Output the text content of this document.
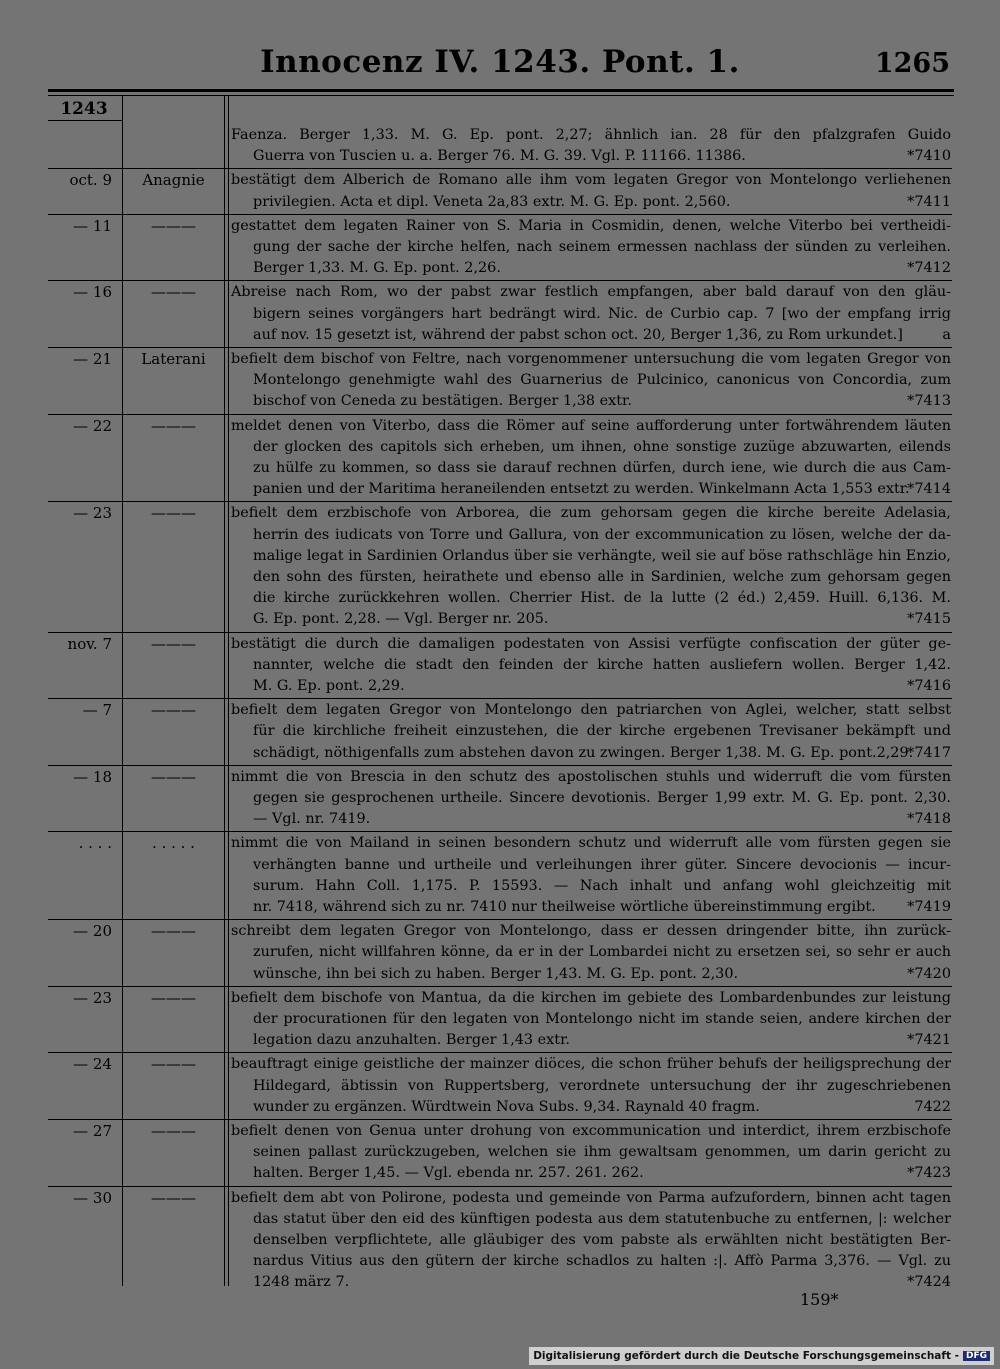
Innocenz IV. 1243. Pont. 1.	1265
1243
Faenza. Berger 1,33. M. G. Ep. pont. 2,27; ähnlich ian. 28 für den pfalzgrafen Guido
Guerra von Tuscien u. a. Berger 76. M. G. 39. Vgl. P. 11166. 11386.	*7410
oct. 9	Anagnie	bestätigt dem Alberich de Romano alle ihm vom legaten Gregor von Montelongo verliehenen
privilegien. Acta et dipl. Veneta 2a,83 extr. M. G. Ep. pont. 2,560.	*7411
— 11	———	gestattet dem legaten Rainer von S. Maria in Cosmidin, denen, welche Viterbo bei vertheidi-
gung der sache der kirche helfen, nach seinem ermessen nachlass der sünden zu verleihen.
Berger 1,33. M. G. Ep. pont. 2,26.	*7412
— 16	———	Abreise nach Rom, wo der pabst zwar festlich empfangen, aber bald darauf von den gläu-
bigern seines vorgängers hart bedrängt wird. Nic. de Curbio cap. 7 [wo der empfang irrig
auf nov. 15 gesetzt ist, während der pabst schon oct. 20, Berger 1,36, zu Rom urkundet.]	a
— 21	Laterani	befielt dem bischof von Feltre, nach vorgenommener untersuchung die vom legaten Gregor von
Montelongo genehmigte wahl des Guarnerius de Pulcinico, canonicus von Concordia, zum
bischof von Ceneda zu bestätigen. Berger 1,38 extr.	*7413
— 22	———	meldet denen von Viterbo, dass die Römer auf seine aufforderung unter fortwährendem läuten
der glocken des capitols sich erheben, um ihnen, ohne sonstige zuzüge abzuwarten, eilends
zu hülfe zu kommen, so dass sie darauf rechnen dürfen, durch iene, wie durch die aus Cam-
panien und der Maritima heraneilenden entsetzt zu werden. Winkelmann Acta 1,553 extr.
*7414
— 23	———	befielt dem erzbischofe von Arborea, die zum gehorsam gegen die kirche bereite Adelasia,
herrin des iudicats von Torre und Gallura, von der excommunication zu lösen, welche der da-
malige legat in Sardinien Orlandus über sie verhängte, weil sie auf böse rathschläge hin Enzio,
den sohn des fürsten, heirathete und ebenso alle in Sardinien, welche zum gehorsam gegen
die kirche zurückkehren wollen. Cherrier Hist. de la lutte (2 éd.) 2,459. Huill. 6,136. M.
G. Ep. pont. 2,28. — Vgl. Berger nr. 205.	*7415
nov. 7	———	bestätigt die durch die damaligen podestaten von Assisi verfügte confiscation der güter ge-
nannter, welche die stadt den feinden der kirche hatten ausliefern wollen. Berger 1,42.
M. G. Ep. pont. 2,29.	*7416
— 7	———	befielt dem legaten Gregor von Montelongo den patriarchen von Aglei, welcher, statt selbst
für die kirchliche freiheit einzustehen, die der kirche ergebenen Trevisaner bekämpft und
schädigt, nöthigenfalls zum abstehen davon zu zwingen. Berger 1,38. M. G. Ep. pont.2,29.
*7417
— 18	———	nimmt die von Brescia in den schutz des apostolischen stuhls und widerruft die vom fürsten
gegen sie gesprochenen urtheile. Sincere devotionis. Berger 1,99 extr. M. G. Ep. pont. 2,30.
— Vgl. nr. 7419.	*7418
. . . .	. . . . .	nimmt die von Mailand in seinen besondern schutz und widerruft alle vom fürsten gegen sie
verhängten banne und urtheile und verleihungen ihrer güter. Sincere devocionis — incur-
surum. Hahn Coll. 1,175. P. 15593. — Nach inhalt und anfang wohl gleichzeitig mit
nr. 7418, während sich zu nr. 7410 nur theilweise wörtliche übereinstimmung ergibt. *7419
— 20	———	schreibt dem legaten Gregor von Montelongo, dass er dessen dringender bitte, ihn zurück-
zurufen, nicht willfahren könne, da er in der Lombardei nicht zu ersetzen sei, so sehr er auch
wünsche, ihn bei sich zu haben. Berger 1,43. M. G. Ep. pont. 2,30.	*7420
— 23	———	befielt dem bischofe von Mantua, da die kirchen im gebiete des Lombardenbundes zur leistung
der procurationen für den legaten von Montelongo nicht im stande seien, andere kirchen der
legation dazu anzuhalten. Berger 1,43 extr.	*7421
— 24	———	beauftragt einige geistliche der mainzer diöces, die schon früher behufs der heiligsprechung der
Hildegard, äbtissin von Ruppertsberg, verordnete untersuchung der ihr zugeschriebenen
wunder zu ergänzen. Würdtwein Nova Subs. 9,34. Raynald 40 fragm.	7422
— 27	———	befielt denen von Genua unter drohung von excommunication und interdict, ihrem erzbischofe
seinen pallast zurückzugeben, welchen sie ihm gewaltsam genommen, um darin gericht zu
halten. Berger 1,45. — Vgl. ebenda nr. 257. 261. 262.	*7423
— 30	———	befielt dem abt von Polirone, podesta und gemeinde von Parma aufzufordern, binnen acht tagen
das statut über den eid des künftigen podesta aus dem statutenbuche zu entfernen, |: welcher
denselben verpflichtete, alle gläubiger des vom pabste als erwählten nicht bestätigten Ber-
nardus Vitius aus den gütern der kirche schadlos zu halten :|. Affò Parma 3,376. — Vgl. zu
1248 märz 7.	*7424
159*
Digitalisierung gefördert durch die Deutsche Forschungsgemeinschaft - DFG
